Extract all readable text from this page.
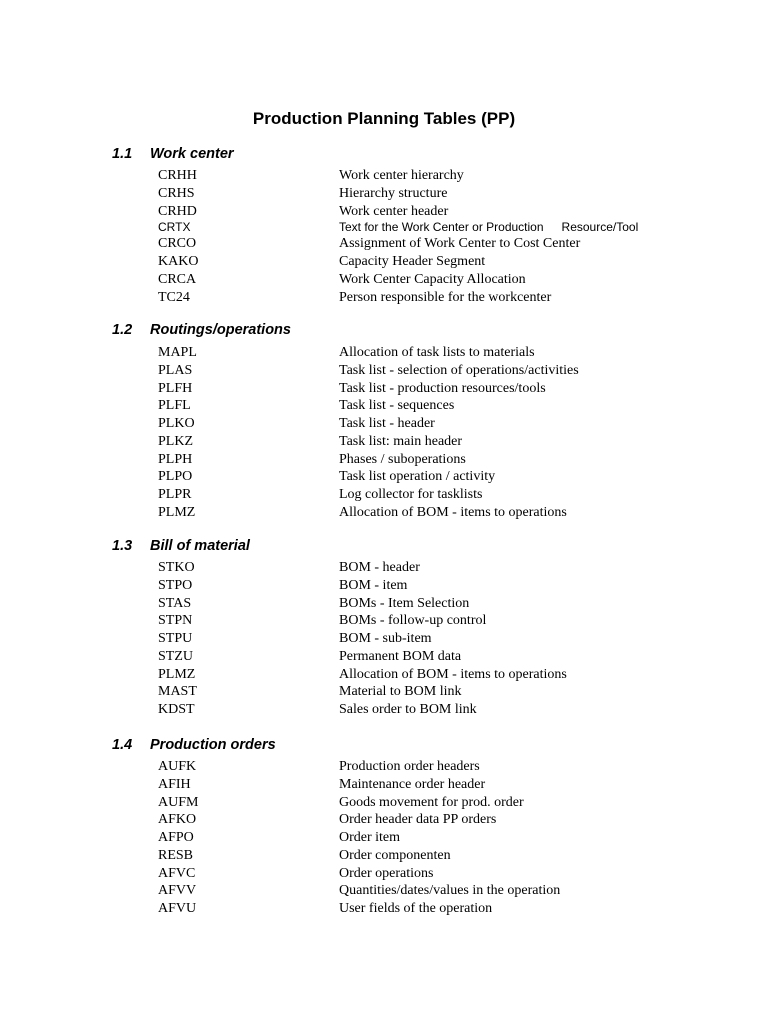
Production Planning Tables (PP)
1.1 Work center
CRHH	Work center hierarchy
CRHS	Hierarchy structure
CRHD	Work center header
CRTX	Text for the Work Center or Production Resource/Tool
CRCO	Assignment of Work Center to Cost Center
KAKO	Capacity Header Segment
CRCA	Work Center Capacity Allocation
TC24	Person responsible for the workcenter
1.2 Routings/operations
MAPL	Allocation of task lists to materials
PLAS	Task list - selection of operations/activities
PLFH	Task list - production resources/tools
PLFL	Task list - sequences
PLKO	Task list - header
PLKZ	Task list: main header
PLPH	Phases / suboperations
PLPO	Task list operation / activity
PLPR	Log collector for tasklists
PLMZ	Allocation of BOM - items to operations
1.3 Bill of material
STKO	BOM - header
STPO	BOM - item
STAS	BOMs - Item Selection
STPN	BOMs - follow-up control
STPU	BOM - sub-item
STZU	Permanent BOM data
PLMZ	Allocation of BOM - items to operations
MAST	Material to BOM link
KDST	Sales order to BOM link
1.4 Production orders
AUFK	Production order headers
AFIH	Maintenance order header
AUFM	Goods movement for prod. order
AFKO	Order header data PP orders
AFPO	Order item
RESB	Order componenten
AFVC	Order operations
AFVV	Quantities/dates/values in the operation
AFVU	User fields of the operation
